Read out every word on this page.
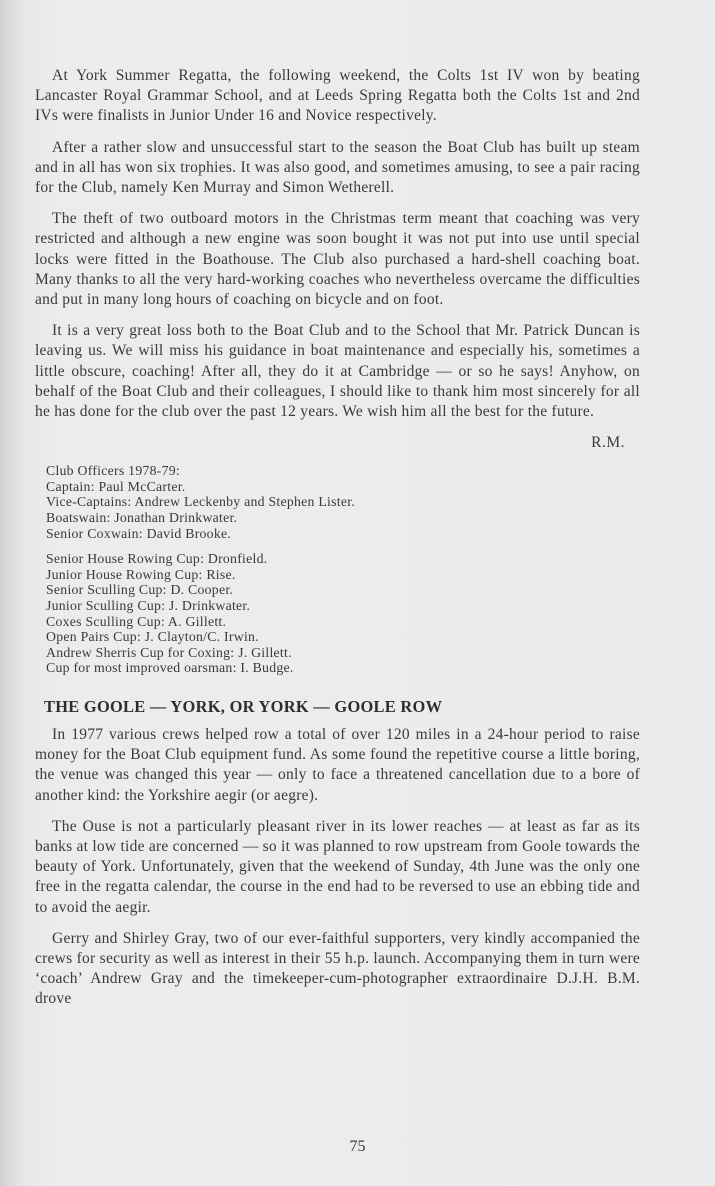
At York Summer Regatta, the following weekend, the Colts 1st IV won by beating Lancaster Royal Grammar School, and at Leeds Spring Regatta both the Colts 1st and 2nd IVs were finalists in Junior Under 16 and Novice respectively.

After a rather slow and unsuccessful start to the season the Boat Club has built up steam and in all has won six trophies. It was also good, and sometimes amusing, to see a pair racing for the Club, namely Ken Murray and Simon Wetherell.

The theft of two outboard motors in the Christmas term meant that coaching was very restricted and although a new engine was soon bought it was not put into use until special locks were fitted in the Boathouse. The Club also purchased a hard-shell coaching boat. Many thanks to all the very hard-working coaches who nevertheless overcame the difficulties and put in many long hours of coaching on bicycle and on foot.

It is a very great loss both to the Boat Club and to the School that Mr. Patrick Duncan is leaving us. We will miss his guidance in boat maintenance and especially his, sometimes a little obscure, coaching! After all, they do it at Cambridge — or so he says! Anyhow, on behalf of the Boat Club and their colleagues, I should like to thank him most sincerely for all he has done for the club over the past 12 years. We wish him all the best for the future.

R.M.
Club Officers 1978-79:
Captain: Paul McCarter.
Vice-Captains: Andrew Leckenby and Stephen Lister.
Boatswain: Jonathan Drinkwater.
Senior Coxwain: David Brooke.
Senior House Rowing Cup: Dronfield.
Junior House Rowing Cup: Rise.
Senior Sculling Cup: D. Cooper.
Junior Sculling Cup: J. Drinkwater.
Coxes Sculling Cup: A. Gillett.
Open Pairs Cup: J. Clayton/C. Irwin.
Andrew Sherris Cup for Coxing: J. Gillett.
Cup for most improved oarsman: I. Budge.
THE GOOLE — YORK, OR YORK — GOOLE ROW

In 1977 various crews helped row a total of over 120 miles in a 24-hour period to raise money for the Boat Club equipment fund. As some found the repetitive course a little boring, the venue was changed this year — only to face a threatened cancellation due to a bore of another kind: the Yorkshire aegir (or aegre).

The Ouse is not a particularly pleasant river in its lower reaches — at least as far as its banks at low tide are concerned — so it was planned to row upstream from Goole towards the beauty of York. Unfortunately, given that the weekend of Sunday, 4th June was the only one free in the regatta calendar, the course in the end had to be reversed to use an ebbing tide and to avoid the aegir.

Gerry and Shirley Gray, two of our ever-faithful supporters, very kindly accompanied the crews for security as well as interest in their 55 h.p. launch. Accompanying them in turn were ‘coach’ Andrew Gray and the timekeeper-cum-photographer extraordinaire D.J.H. B.M. drove

75
